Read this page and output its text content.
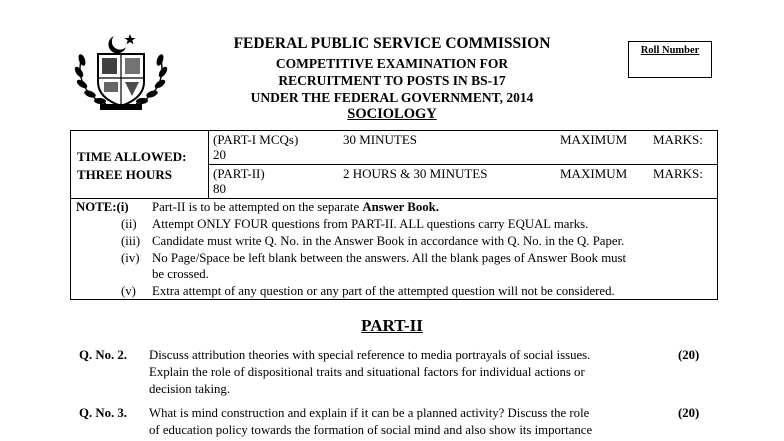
FEDERAL PUBLIC SERVICE COMMISSION
COMPETITIVE EXAMINATION FOR
RECRUITMENT TO POSTS IN BS-17
UNDER THE FEDERAL GOVERNMENT, 2014
SOCIOLOGY
Roll Number
TIME ALLOWED:
THREE HOURS
(PART-I MCQs)
20
30 MINUTES	MAXIMUM MARKS:
(PART-II)
80
2 HOURS & 30 MINUTES	MAXIMUM MARKS:
NOTE:(i) Part-II is to be attempted on the separate Answer Book.
(ii) Attempt ONLY FOUR questions from PART-II. ALL questions carry EQUAL marks.
(iii) Candidate must write Q. No. in the Answer Book in accordance with Q. No. in the Q. Paper.
(iv) No Page/Space be left blank between the answers. All the blank pages of Answer Book must
be crossed.
(v) Extra attempt of any question or any part of the attempted question will not be considered.
PART-II
Q. No. 2. Discuss attribution theories with special reference to media portrayals of social issues.
Explain the role of dispositional traits and situational factors for individual actions or
decision taking.
(20)
Q. No. 3. What is mind construction and explain if it can be a planned activity? Discuss the role
of education policy towards the formation of social mind and also show its importance
(20)
